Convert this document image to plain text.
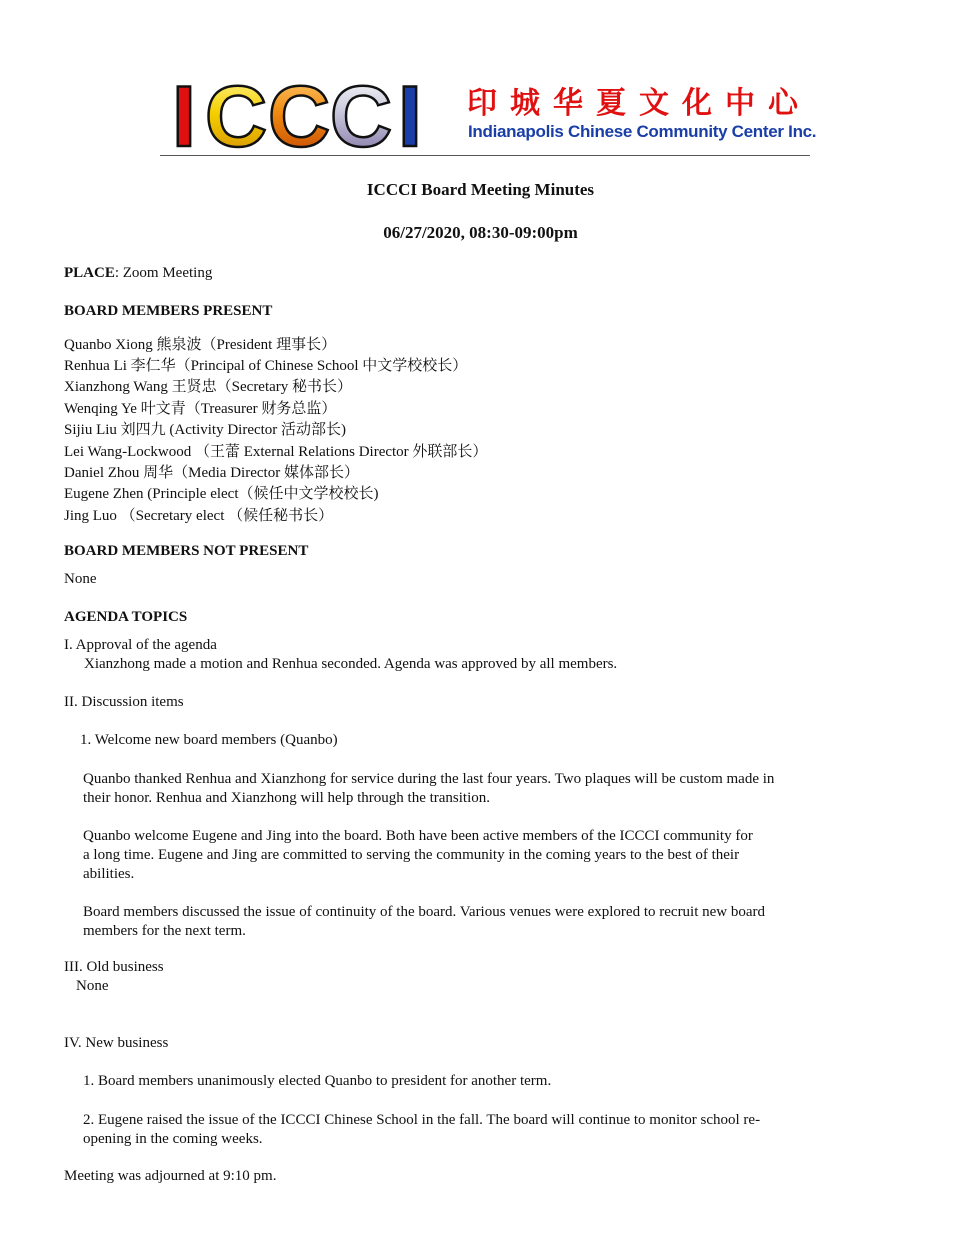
I C C C I 印城华夏文化中心
Indianapolis Chinese Community Center Inc.
ICCCI Board Meeting Minutes
06/27/2020, 08:30-09:00pm
PLACE: Zoom Meeting
BOARD MEMBERS PRESENT
Quanbo Xiong 熊泉波（President 理事长）
Renhua Li 李仁华（Principal of Chinese School 中文学校校长）
Xianzhong Wang 王贤忠（Secretary 秘书长）
Wenqing Ye 叶文青（Treasurer 财务总监）
Sijiu Liu 刘四九 (Activity Director 活动部长)
Lei Wang-Lockwood （王蕾 External Relations Director 外联部长）
Daniel Zhou 周华（Media Director 媒体部长）
Eugene Zhen (Principle elect（候任中文学校校长)
Jing Luo （Secretary elect （候任秘书长）
BOARD MEMBERS NOT PRESENT
None
AGENDA TOPICS
I. Approval of the agenda
Xianzhong made a motion and Renhua seconded. Agenda was approved by all members.
II. Discussion items
1. Welcome new board members (Quanbo)
Quanbo thanked Renhua and Xianzhong for service during the last four years. Two plaques will be custom made in their honor. Renhua and Xianzhong will help through the transition.
Quanbo welcome Eugene and Jing into the board. Both have been active members of the ICCCI community for a long time. Eugene and Jing are committed to serving the community in the coming years to the best of their abilities.
Board members discussed the issue of continuity of the board. Various venues were explored to recruit new board members for the next term.
III. Old business
None
IV. New business
1. Board members unanimously elected Quanbo to president for another term.
2. Eugene raised the issue of the ICCCI Chinese School in the fall. The board will continue to monitor school re-opening in the coming weeks.
Meeting was adjourned at 9:10 pm.
